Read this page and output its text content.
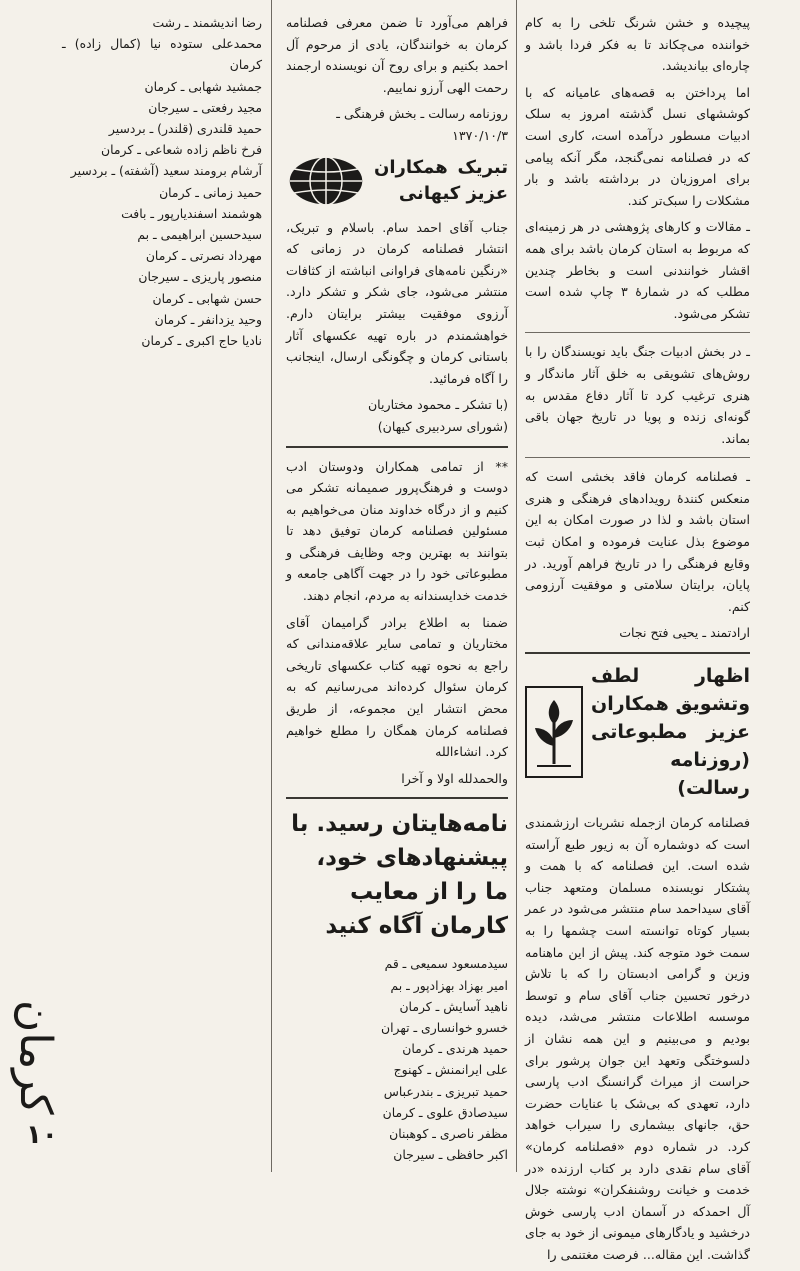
پیچیده و خشن شرنگ تلخی را به کام خواننده می‌چکاند تا به فکر فردا باشد و چاره‌ای بیاندیشد.

اما پرداختن به قصه‌های عامیانه که با کوششهای نسل گذشته امروز به سلک ادبیات مسطور درآمده است، کاری است که در فصلنامه نمی‌گنجد، مگر آنکه پیامی برای امروزیان در برداشته باشد و بار مشکلات را سبک‌تر کند.

ـ مقالات و کارهای پژوهشی در هر زمینه‌ای که مربوط به استان کرمان باشد برای همه اقشار خوانندنی است و بخاطر چندین مطلب که در شمارهٔ ۳ چاپ شده است تشکر می‌شود.

ـ در بخش ادبیات جنگ باید نویسندگان را با روش‌های تشویقی به خلق آثار ماندگار و هنری ترغیب کرد تا آثار دفاع مقدس به گونه‌ای زنده و پویا در تاریخ جهان باقی بماند.

ـ فصلنامه کرمان فاقد بخشی است که منعکس کنندهٔ رویدادهای فرهنگی و هنری استان باشد و لذا در صورت امکان به این موضوع بذل عنایت فرموده و امکان ثبت وقایع فرهنگی را در تاریخ فراهم آورید. در پایان، برایتان سلامتی و موفقیت آرزومی کنم.

ارادتمند ـ یحیی فتح نجات

اظهار لطف وتشویق همکاران عزیز مطبوعاتی (روزنامه رسالت)

فصلنامه کرمان ازجمله نشریات ارزشمندی است که دوشماره آن به زیور طبع آراسته شده است. این فصلنامه که با همت و پشتکار نویسنده مسلمان ومتعهد جناب آقای سیداحمد سام منتشر می‌شود در عمر بسیار کوتاه توانسته است چشمها را به سمت خود متوجه کند. پیش از این ماهنامه وزین و گرامی ادبستان را که با تلاش درخور تحسین جناب آقای سام و توسط موسسه اطلاعات منتشر می‌شد، دیده بودیم و می‌بینیم و این همه نشان از دلسوختگی وتعهد این جوان پرشور برای حراست از میراث گرانسنگ ادب پارسی دارد، تعهدی که بی‌شک با عنایات حضرت حق، جانهای بیشماری را سیراب خواهد کرد. در شماره دوم «فصلنامه کرمان» آقای سام نقدی دارد بر کتاب ارزنده «در خدمت و خیانت روشنفکران» نوشته جلال آل احمدکه در آسمان ادب پارسی خوش درخشید و یادگارهای میمونی از خود به جای گذاشت. این مقاله... فرصت مغتنمی را

فراهم می‌آورد تا ضمن معرفی فصلنامه کرمان به خوانندگان، یادی از مرحوم آل احمد بکنیم و برای روح آن نویسنده ارجمند رحمت الهی آرزو نماییم.

روزنامه رسالت ـ بخش فرهنگی ـ ۱۳۷۰/۱۰/۳

تبریک همکاران عزیز کیهانی

جناب آقای احمد سام. باسلام و تبریک، انتشار فصلنامه کرمان در زمانی که «رنگین نامه‌های فراوانی انباشته از کثافات منتشر می‌شود، جای شکر و تشکر دارد. آرزوی موفقیت بیشتر برایتان دارم. خواهشمندم در باره تهیه عکسهای آثار باستانی کرمان و چگونگی ارسال، اینجانب را آگاه فرمائید.

(با تشکر ـ محمود مختاریان

(شورای سردبیری کیهان)

** از تمامی همکاران ودوستان ادب دوست و فرهنگ‌پرور صمیمانه تشکر می کنیم و از درگاه خداوند منان می‌خواهیم به مسئولین فصلنامه کرمان توفیق دهد تا بتوانند به بهترین وجه وظایف فرهنگی و مطبوعاتی خود را در جهت آگاهی جامعه و خدمت خدایسندانه به مردم، انجام دهند.

ضمنا به اطلاع برادر گرامیمان آقای مختاریان و تمامی سایر علاقه‌مندانی که راجع به نحوه تهیه کتاب عکسهای تاریخی کرمان سئوال کرده‌اند می‌رسانیم که به محض انتشار این مجموعه، از طریق فصلنامه کرمان همگان را مطلع خواهیم کرد. انشاءالله

والحمدلله اولا و آخرا

نامه‌هایتان رسید. با پیشنهادهای خود، ما را از معایب کارمان آگاه کنید
سیدمسعود سمیعی ـ قم
امیر بهزاد بهزادپور ـ بم
ناهید آسایش ـ کرمان
خسرو خوانساری ـ تهران
حمید هرندی ـ کرمان
علی ایرانمنش ـ کهنوج
حمید تبریزی ـ بندرعباس
سیدصادق علوی ـ کرمان
مظفر ناصری ـ کوهبنان
اکبر حافظی ـ سیرجان
رضا اندیشمند ـ رشت
محمدعلی ستوده نیا (کمال زاده) ـ کرمان
جمشید شهابی ـ کرمان
مجید رفعتی ـ سیرجان
حمید قلندری (قلندر) ـ بردسیر
فرخ ناظم زاده شعاعی ـ کرمان
آرشام برومند سعید (آشفته) ـ بردسیر
حمید زمانی ـ کرمان
هوشمند اسفندیارپور ـ بافت
سیدحسین ابراهیمی ـ بم
مهرداد نصرتی ـ کرمان
منصور پاریزی ـ سیرجان
حسن شهابی ـ کرمان
وحید یزدانفر ـ کرمان
نادیا حاج اکبری ـ کرمان
کرمان
۱۰
